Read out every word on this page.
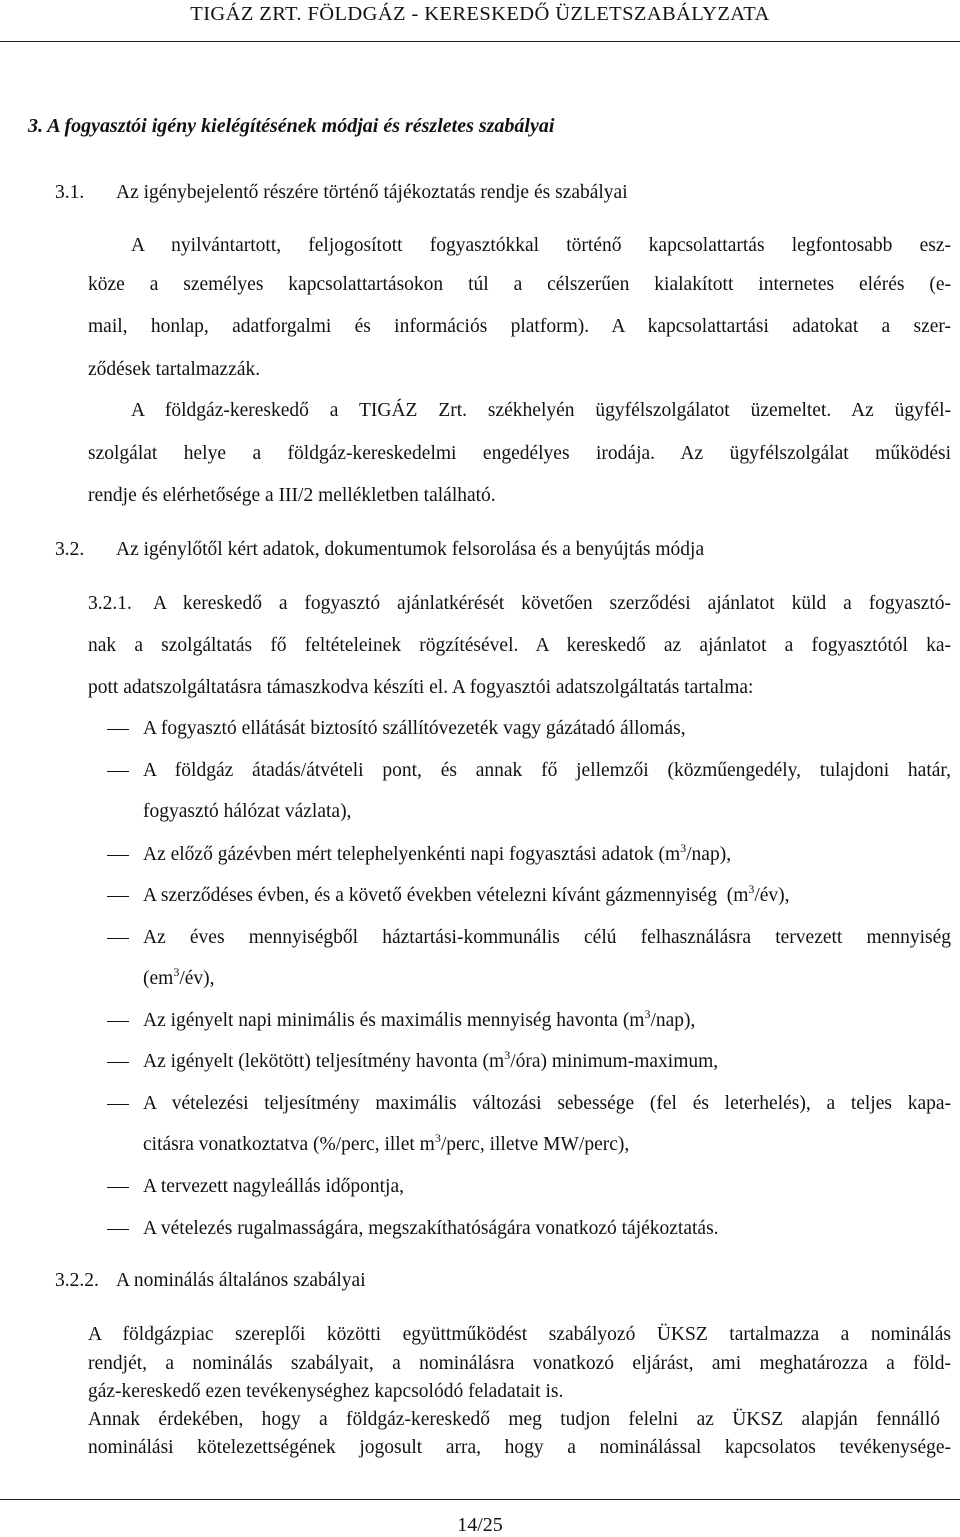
TIGÁZ ZRT. FÖLDGÁZ - KERESKEDŐ ÜZLETSZABÁLYZATA
3. A fogyasztói igény kielégítésének módjai és részletes szabályai
3.1. Az igénybejelentő részére történő tájékoztatás rendje és szabályai
A nyilvántartott, feljogosított fogyasztókkal történő kapcsolattartás legfontosabb esz-
köze a személyes kapcsolattartásokon túl a célszerűen kialakított internetes elérés (e-
mail, honlap, adatforgalmi és információs platform). A kapcsolattartási adatokat a szer-
ződések tartalmazzák.
A földgáz-kereskedő a TIGÁZ Zrt. székhelyén ügyfélszolgálatot üzemeltet. Az ügyfél-
szolgálat helye a földgáz-kereskedelmi engedélyes irodája. Az ügyfélszolgálat működési
rendje és elérhetősége a III/2 mellékletben található.
3.2. Az igénylőtől kért adatok, dokumentumok felsorolása és a benyújtás módja
3.2.1. A kereskedő a fogyasztó ajánlatkérését követően szerződési ajánlatot küld a fogyasztó-
nak a szolgáltatás fő feltételeinek rögzítésével. A kereskedő az ajánlatot a fogyasztótól ka-
pott adatszolgáltatásra támaszkodva készíti el. A fogyasztói adatszolgáltatás tartalma:
A fogyasztó ellátását biztosító szállítóvezeték vagy gázátadó állomás,
A földgáz átadás/átvételi pont, és annak fő jellemzői (közműengedély, tulajdoni határ,
fogyasztó hálózat vázlata),
Az előző gázévben mért telephelyenkénti napi fogyasztási adatok $(m^3/nap)$,
A szerződéses évben, és a követő években vételezni kívánt gázmennyiség  $(m^3/év)$,
Az éves mennyiségből háztartási-kommunális célú felhasználásra tervezett mennyiség
$(em^3/év)$,
Az igényelt napi minimális és maximális mennyiség havonta $(m^3/nap)$,
Az igényelt (lekötött) teljesítmény havonta $(m^3/óra)$ minimum-maximum,
A vételezési teljesítmény maximális változási sebessége (fel és leterhelés), a teljes kapa-
citásra vonatkoztatva (%/perc, illet $m^3$/perc, illetve MW/perc),
A tervezett nagyleállás időpontja,
A vételezés rugalmasságára, megszakíthatóságára vonatkozó tájékoztatás.
3.2.2. A nominálás általános szabályai
A földgázpiac szereplői közötti együttműködést szabályozó ÜKSZ tartalmazza a nominálás
rendjét, a nominálás szabályait, a nominálásra vonatkozó eljárást, ami meghatározza a föld-
gáz-kereskedő ezen tevékenységhez kapcsolódó feladatait is.
Annak érdekében, hogy a földgáz-kereskedő meg tudjon felelni az ÜKSZ alapján fennálló
nominálási kötelezettségének jogosult arra, hogy a nominálással kapcsolatos tevékenysége-
14/25
